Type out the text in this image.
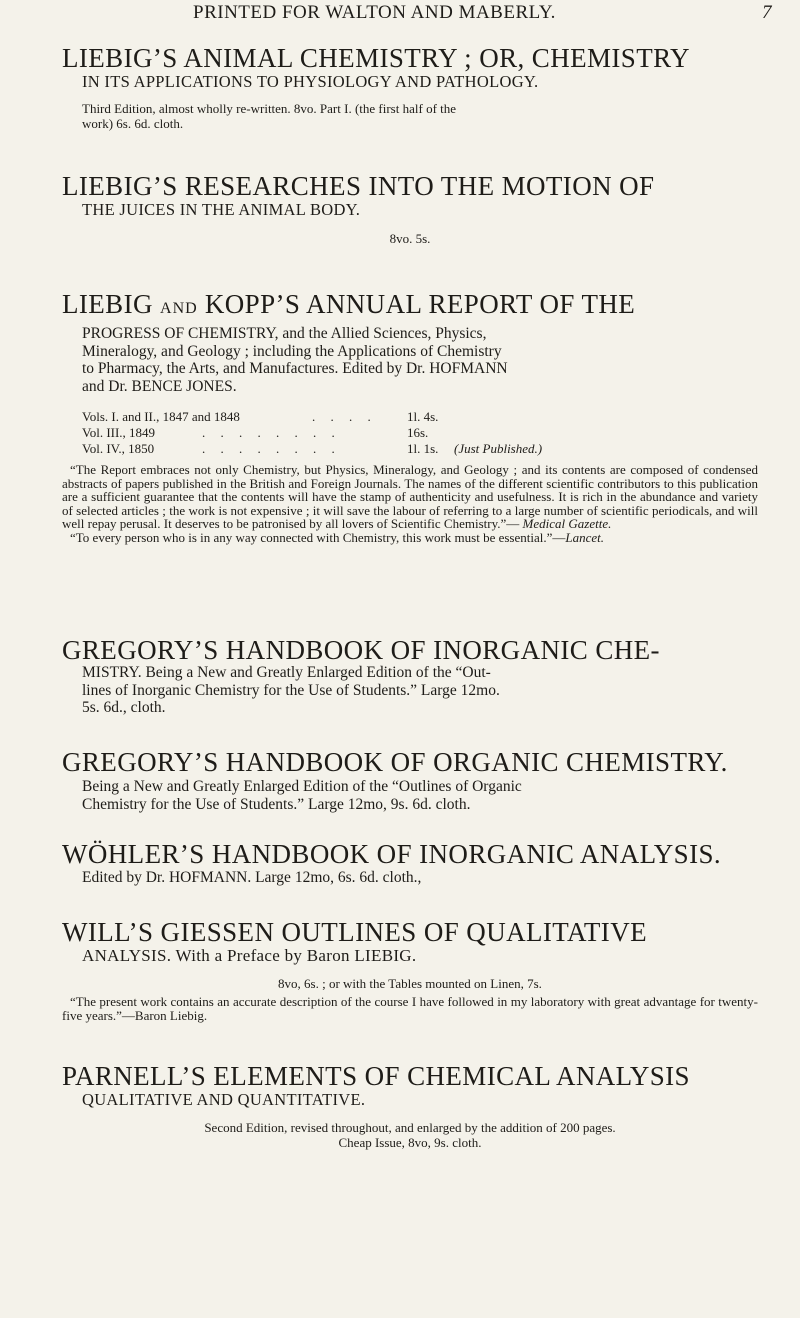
PRINTED FOR WALTON AND MABERLY.	7

LIEBIG’S ANIMAL CHEMISTRY ; OR, CHEMISTRY

IN ITS APPLICATIONS TO PHYSIOLOGY AND PATHOLOGY.

Third Edition, almost wholly re-written. 8vo. Part I. (the first half of the

work) 6s. 6d. cloth.

LIEBIG’S RESEARCHES INTO THE MOTION OF

THE JUICES IN THE ANIMAL BODY.

8vo. 5s.

LIEBIG AND KOPP’S ANNUAL REPORT OF THE

PROGRESS OF CHEMISTRY, and the Allied Sciences, Physics,

Mineralogy, and Geology ; including the Applications of Chemistry

to Pharmacy, the Arts, and Manufactures. Edited by Dr. HOFMANN

and Dr. BENCE JONES.

Vols. I. and II., 1847 and 1848	. . . . 1l. 4s.
Vol. III., 1849	. . . . . . . .	16s.
Vol. IV., 1850	. . . . . . . .	1l. 1s. (Just Published.)

“The Report embraces not only Chemistry, but Physics, Mineralogy, and Geology ; and its contents are composed of condensed abstracts of papers published in the British and Foreign Journals. The names of the different scientific contributors to this publication are a sufficient guarantee that the contents will have the stamp of authenticity and usefulness. It is rich in the abundance and variety of selected articles ; the work is not expensive ; it will save the labour of referring to a large number of scientific periodicals, and will well repay perusal. It deserves to be patronised by all lovers of Scientific Chemistry.”— Medical Gazette.

“To every person who is in any way connected with Chemistry, this work must be essential.”—Lancet.

GREGORY’S HANDBOOK OF INORGANIC CHE-

MISTRY. Being a New and Greatly Enlarged Edition of the “Out-

lines of Inorganic Chemistry for the Use of Students.” Large 12mo.

5s. 6d., cloth.

GREGORY’S HANDBOOK OF ORGANIC CHEMISTRY.

Being a New and Greatly Enlarged Edition of the “Outlines of Organic

Chemistry for the Use of Students.” Large 12mo, 9s. 6d. cloth.

WÖHLER’S HANDBOOK OF INORGANIC ANALYSIS.

Edited by Dr. HOFMANN. Large 12mo, 6s. 6d. cloth.,

WILL’S GIESSEN OUTLINES OF QUALITATIVE

ANALYSIS. With a Preface by Baron LIEBIG.

8vo, 6s. ; or with the Tables mounted on Linen, 7s.

“The present work contains an accurate description of the course I have followed in my laboratory with great advantage for twenty-five years.”—Baron Liebig.

PARNELL’S ELEMENTS OF CHEMICAL ANALYSIS

QUALITATIVE AND QUANTITATIVE.

Second Edition, revised throughout, and enlarged by the addition of 200 pages.

Cheap Issue, 8vo, 9s. cloth.
